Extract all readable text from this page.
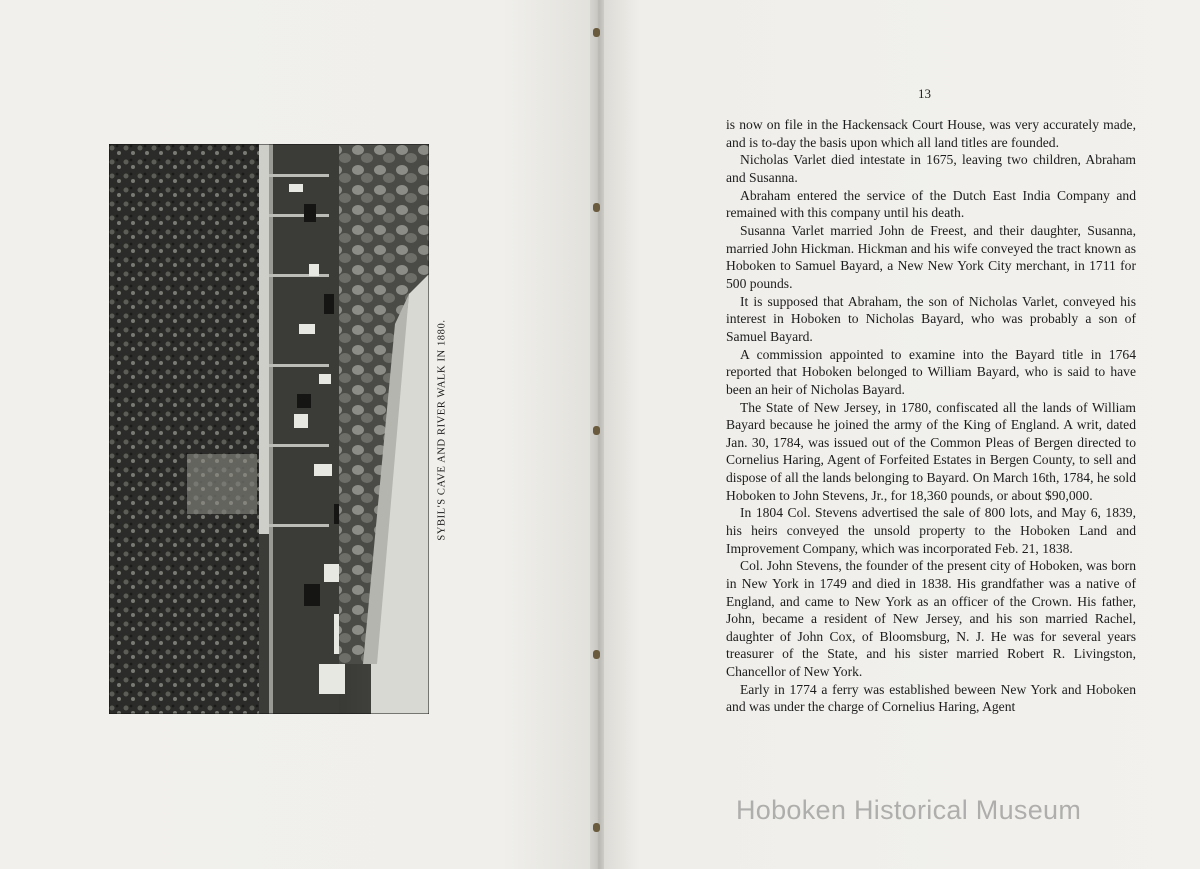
SYBIL'S CAVE AND RIVER WALK IN 1880.
13

is now on file in the Hackensack Court House, was very accurately made, and is to-day the basis upon which all land titles are founded.

Nicholas Varlet died intestate in 1675, leaving two children, Abraham and Susanna.

Abraham entered the service of the Dutch East India Company and remained with this company until his death.

Susanna Varlet married John de Freest, and their daughter, Susanna, married John Hickman. Hickman and his wife conveyed the tract known as Hoboken to Samuel Bayard, a New New York City merchant, in 1711 for 500 pounds.

It is supposed that Abraham, the son of Nicholas Varlet, conveyed his interest in Hoboken to Nicholas Bayard, who was probably a son of Samuel Bayard.

A commission appointed to examine into the Bayard title in 1764 reported that Hoboken belonged to William Bayard, who is said to have been an heir of Nicholas Bayard.

The State of New Jersey, in 1780, confiscated all the lands of William Bayard because he joined the army of the King of England. A writ, dated Jan. 30, 1784, was issued out of the Common Pleas of Bergen directed to Cornelius Haring, Agent of Forfeited Estates in Bergen County, to sell and dispose of all the lands belonging to Bayard. On March 16th, 1784, he sold Hoboken to John Stevens, Jr., for 18,360 pounds, or about $90,000.

In 1804 Col. Stevens advertised the sale of 800 lots, and May 6, 1839, his heirs conveyed the unsold property to the Hoboken Land and Improvement Company, which was incorporated Feb. 21, 1838.

Col. John Stevens, the founder of the present city of Hoboken, was born in New York in 1749 and died in 1838. His grandfather was a native of England, and came to New York as an officer of the Crown. His father, John, became a resident of New Jersey, and his son married Rachel, daughter of John Cox, of Bloomsburg, N. J. He was for several years treasurer of the State, and his sister married Robert R. Livingston, Chancellor of New York.

Early in 1774 a ferry was established beween New York and Hoboken and was under the charge of Cornelius Haring, Agent

Hoboken Historical Museum
